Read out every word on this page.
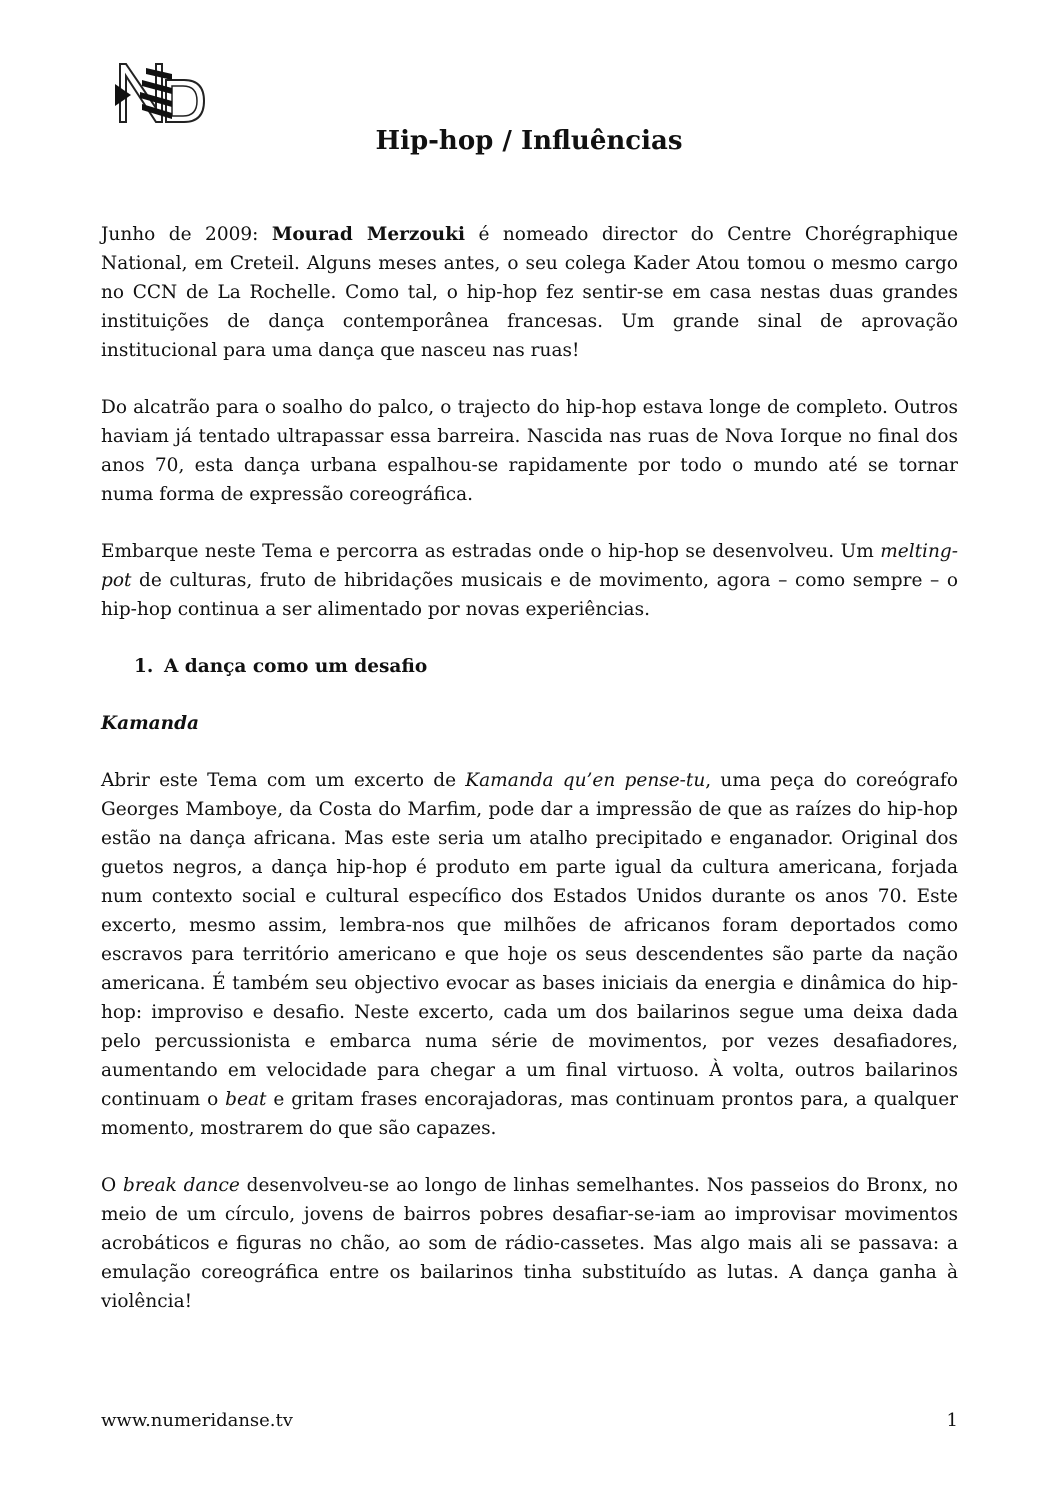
Hip-hop / Influências

Junho de 2009: Mourad Merzouki é nomeado director do Centre Chorégraphique National, em Creteil. Alguns meses antes, o seu colega Kader Atou tomou o mesmo cargo no CCN de La Rochelle. Como tal, o hip-hop fez sentir-se em casa nestas duas grandes instituições de dança contemporânea francesas. Um grande sinal de aprovação institucional para uma dança que nasceu nas ruas!

Do alcatrão para o soalho do palco, o trajecto do hip-hop estava longe de completo. Outros haviam já tentado ultrapassar essa barreira. Nascida nas ruas de Nova Iorque no final dos anos 70, esta dança urbana espalhou-se rapidamente por todo o mundo até se tornar numa forma de expressão coreográfica.

Embarque neste Tema e percorra as estradas onde o hip-hop se desenvolveu. Um melting-pot de culturas, fruto de hibridações musicais e de movimento, agora – como sempre – o hip-hop continua a ser alimentado por novas experiências.

1. A dança como um desafio
Kamanda

Abrir este Tema com um excerto de Kamanda qu’en pense-tu, uma peça do coreógrafo Georges Mamboye, da Costa do Marfim, pode dar a impressão de que as raízes do hip-hop estão na dança africana. Mas este seria um atalho precipitado e enganador. Original dos guetos negros, a dança hip-hop é produto em parte igual da cultura americana, forjada num contexto social e cultural específico dos Estados Unidos durante os anos 70. Este excerto, mesmo assim, lembra-nos que milhões de africanos foram deportados como escravos para território americano e que hoje os seus descendentes são parte da nação americana. É também seu objectivo evocar as bases iniciais da energia e dinâmica do hip-hop: improviso e desafio. Neste excerto, cada um dos bailarinos segue uma deixa dada pelo percussionista e embarca numa série de movimentos, por vezes desafiadores, aumentando em velocidade para chegar a um final virtuoso. À volta, outros bailarinos continuam o beat e gritam frases encorajadoras, mas continuam prontos para, a qualquer momento, mostrarem do que são capazes.

O break dance desenvolveu-se ao longo de linhas semelhantes. Nos passeios do Bronx, no meio de um círculo, jovens de bairros pobres desafiar-se-iam ao improvisar movimentos acrobáticos e figuras no chão, ao som de rádio-cassetes. Mas algo mais ali se passava: a emulação coreográfica entre os bailarinos tinha substituído as lutas. A dança ganha à violência!

www.numeridanse.tv	1
